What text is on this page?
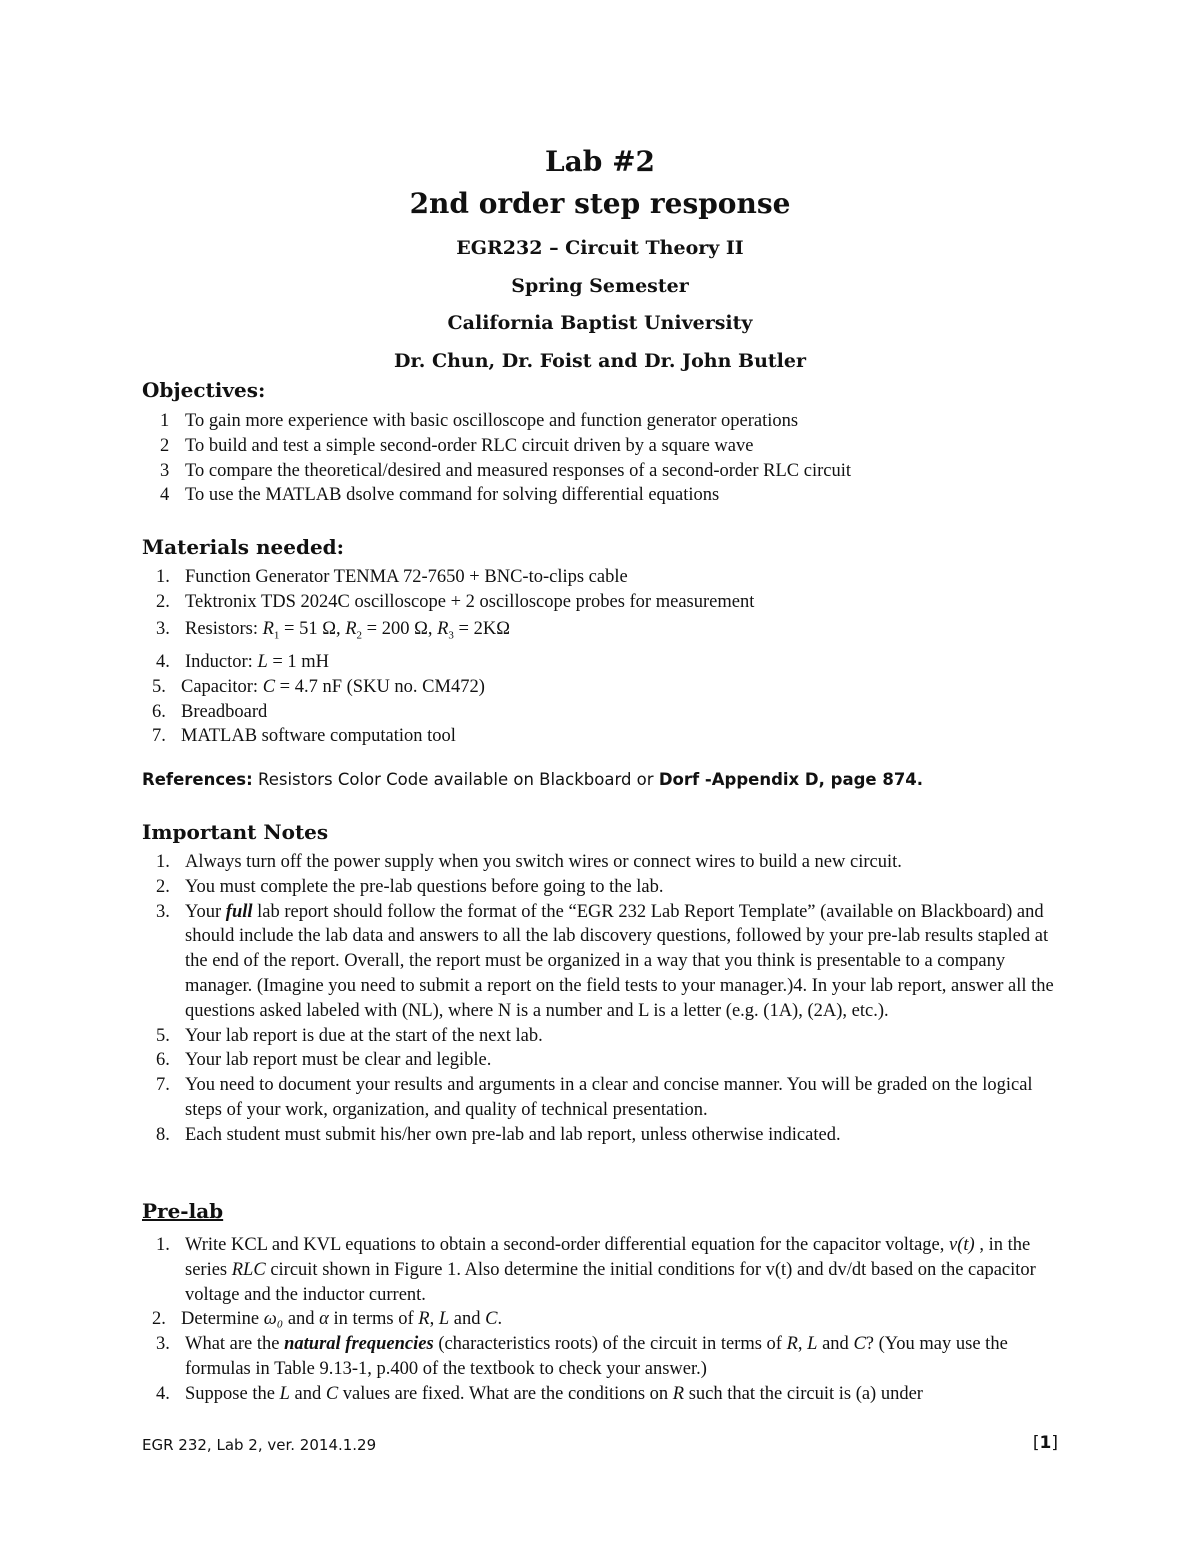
Lab #2
2nd order step response
EGR232 – Circuit Theory II
Spring Semester
California Baptist University
Dr. Chun, Dr. Foist and Dr. John Butler
Objectives:
1 To gain more experience with basic oscilloscope and function generator operations
2 To build and test a simple second-order RLC circuit driven by a square wave
3 To compare the theoretical/desired and measured responses of a second-order RLC circuit
4 To use the MATLAB dsolve command for solving differential equations
Materials needed:
1. Function Generator TENMA 72-7650 + BNC-to-clips cable
2. Tektronix TDS 2024C oscilloscope + 2 oscilloscope probes for measurement
3. Resistors: $R_1 = 51$ Ω, $R_2 = 200$ Ω, $R_3 = 2K\Omega$
4. Inductor: L = 1 mH
5. Capacitor: C = 4.7 nF (SKU no. CM472)
6. Breadboard
7. MATLAB software computation tool
References: Resistors Color Code available on Blackboard or Dorf -Appendix D, page 874.
Important Notes
1. Always turn off the power supply when you switch wires or connect wires to build a new circuit.
2. You must complete the pre-lab questions before going to the lab.
3. Your full lab report should follow the format of the “EGR 232 Lab Report Template” (available on Blackboard) and should include the lab data and answers to all the lab discovery questions, followed by your pre-lab results stapled at the end of the report. Overall, the report must be organized in a way that you think is presentable to a company manager. (Imagine you need to submit a report on the field tests to your manager.)4. In your lab report, answer all the questions asked labeled with (NL), where N is a number and L is a letter (e.g. (1A), (2A), etc.).
5. Your lab report is due at the start of the next lab.
6. Your lab report must be clear and legible.
7. You need to document your results and arguments in a clear and concise manner. You will be graded on the logical steps of your work, organization, and quality of technical presentation.
8. Each student must submit his/her own pre-lab and lab report, unless otherwise indicated.
Pre-lab
1. Write KCL and KVL equations to obtain a second-order differential equation for the capacitor voltage, v(t) , in the series RLC circuit shown in Figure 1. Also determine the initial conditions for v(t) and dv/dt based on the capacitor voltage and the inductor current.
2. Determine ω₀ and α in terms of R, L and C.
3. What are the natural frequencies (characteristics roots) of the circuit in terms of R, L and C? (You may use the formulas in Table 9.13-1, p.400 of the textbook to check your answer.)
4. Suppose the L and C values are fixed. What are the conditions on R such that the circuit is (a) under
EGR 232, Lab 2, ver. 2014.1.29	[1]
